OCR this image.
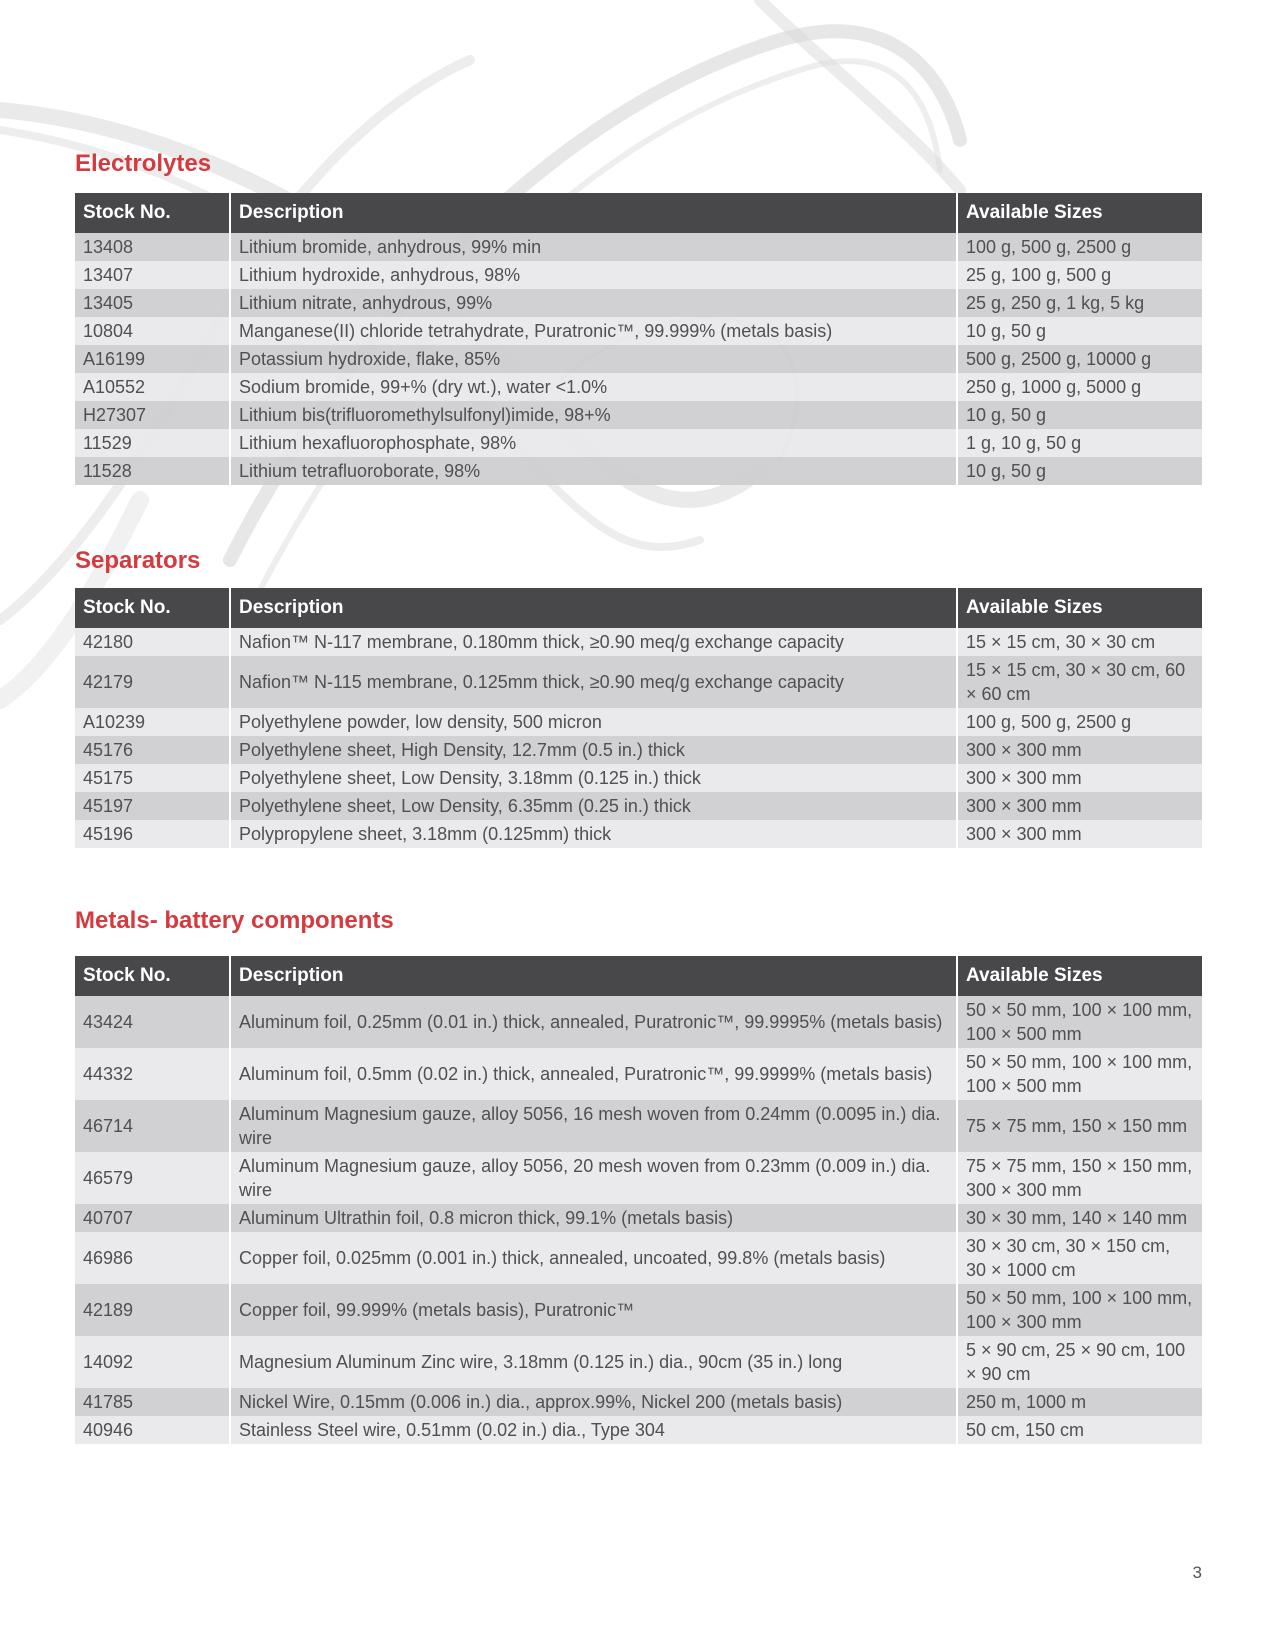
Electrolytes
Stock No.	Description	Available Sizes
13408	Lithium bromide, anhydrous, 99% min	100 g, 500 g, 2500 g
13407	Lithium hydroxide, anhydrous, 98%	25 g, 100 g, 500 g
13405	Lithium nitrate, anhydrous, 99%	25 g, 250 g, 1 kg, 5 kg
10804	Manganese(II) chloride tetrahydrate, Puratronic™, 99.999% (metals basis)	10 g, 50 g
A16199	Potassium hydroxide, flake, 85%	500 g, 2500 g, 10000 g
A10552	Sodium bromide, 99+% (dry wt.), water <1.0%	250 g, 1000 g, 5000 g
H27307	Lithium bis(trifluoromethylsulfonyl)imide, 98+%	10 g, 50 g
11529	Lithium hexafluorophosphate, 98%	1 g, 10 g, 50 g
11528	Lithium tetrafluoroborate, 98%	10 g, 50 g
Separators
Stock No.	Description	Available Sizes
42180	Nafion™ N-117 membrane, 0.180mm thick, ≥0.90 meq/g exchange capacity	15 × 15 cm, 30 × 30 cm
42179	Nafion™ N-115 membrane, 0.125mm thick, ≥0.90 meq/g exchange capacity	15 × 15 cm, 30 × 30 cm, 60 × 60 cm
A10239	Polyethylene powder, low density, 500 micron	100 g, 500 g, 2500 g
45176	Polyethylene sheet, High Density, 12.7mm (0.5 in.) thick	300 × 300 mm
45175	Polyethylene sheet, Low Density, 3.18mm (0.125 in.) thick	300 × 300 mm
45197	Polyethylene sheet, Low Density, 6.35mm (0.25 in.) thick	300 × 300 mm
45196	Polypropylene sheet, 3.18mm (0.125mm) thick	300 × 300 mm
Metals- battery components
Stock No.	Description	Available Sizes
43424	Aluminum foil, 0.25mm (0.01 in.) thick, annealed, Puratronic™, 99.9995% (metals basis)	50 × 50 mm, 100 × 100 mm, 100 × 500 mm
44332	Aluminum foil, 0.5mm (0.02 in.) thick, annealed, Puratronic™, 99.9999% (metals basis)	50 × 50 mm, 100 × 100 mm, 100 × 500 mm
46714	Aluminum Magnesium gauze, alloy 5056, 16 mesh woven from 0.24mm (0.0095 in.) dia. wire	75 × 75 mm, 150 × 150 mm
46579	Aluminum Magnesium gauze, alloy 5056, 20 mesh woven from 0.23mm (0.009 in.) dia. wire	75 × 75 mm, 150 × 150 mm, 300 × 300 mm
40707	Aluminum Ultrathin foil, 0.8 micron thick, 99.1% (metals basis)	30 × 30 mm, 140 × 140 mm
46986	Copper foil, 0.025mm (0.001 in.) thick, annealed, uncoated, 99.8% (metals basis)	30 × 30 cm, 30 × 150 cm, 30 × 1000 cm
42189	Copper foil, 99.999% (metals basis), Puratronic™	50 × 50 mm, 100 × 100 mm, 100 × 300 mm
14092	Magnesium Aluminum Zinc wire, 3.18mm (0.125 in.) dia., 90cm (35 in.) long	5 × 90 cm, 25 × 90 cm, 100 × 90 cm
41785	Nickel Wire, 0.15mm (0.006 in.) dia., approx.99%, Nickel 200 (metals basis)	250 m, 1000 m
40946	Stainless Steel wire, 0.51mm (0.02 in.) dia., Type 304	50 cm, 150 cm
3
